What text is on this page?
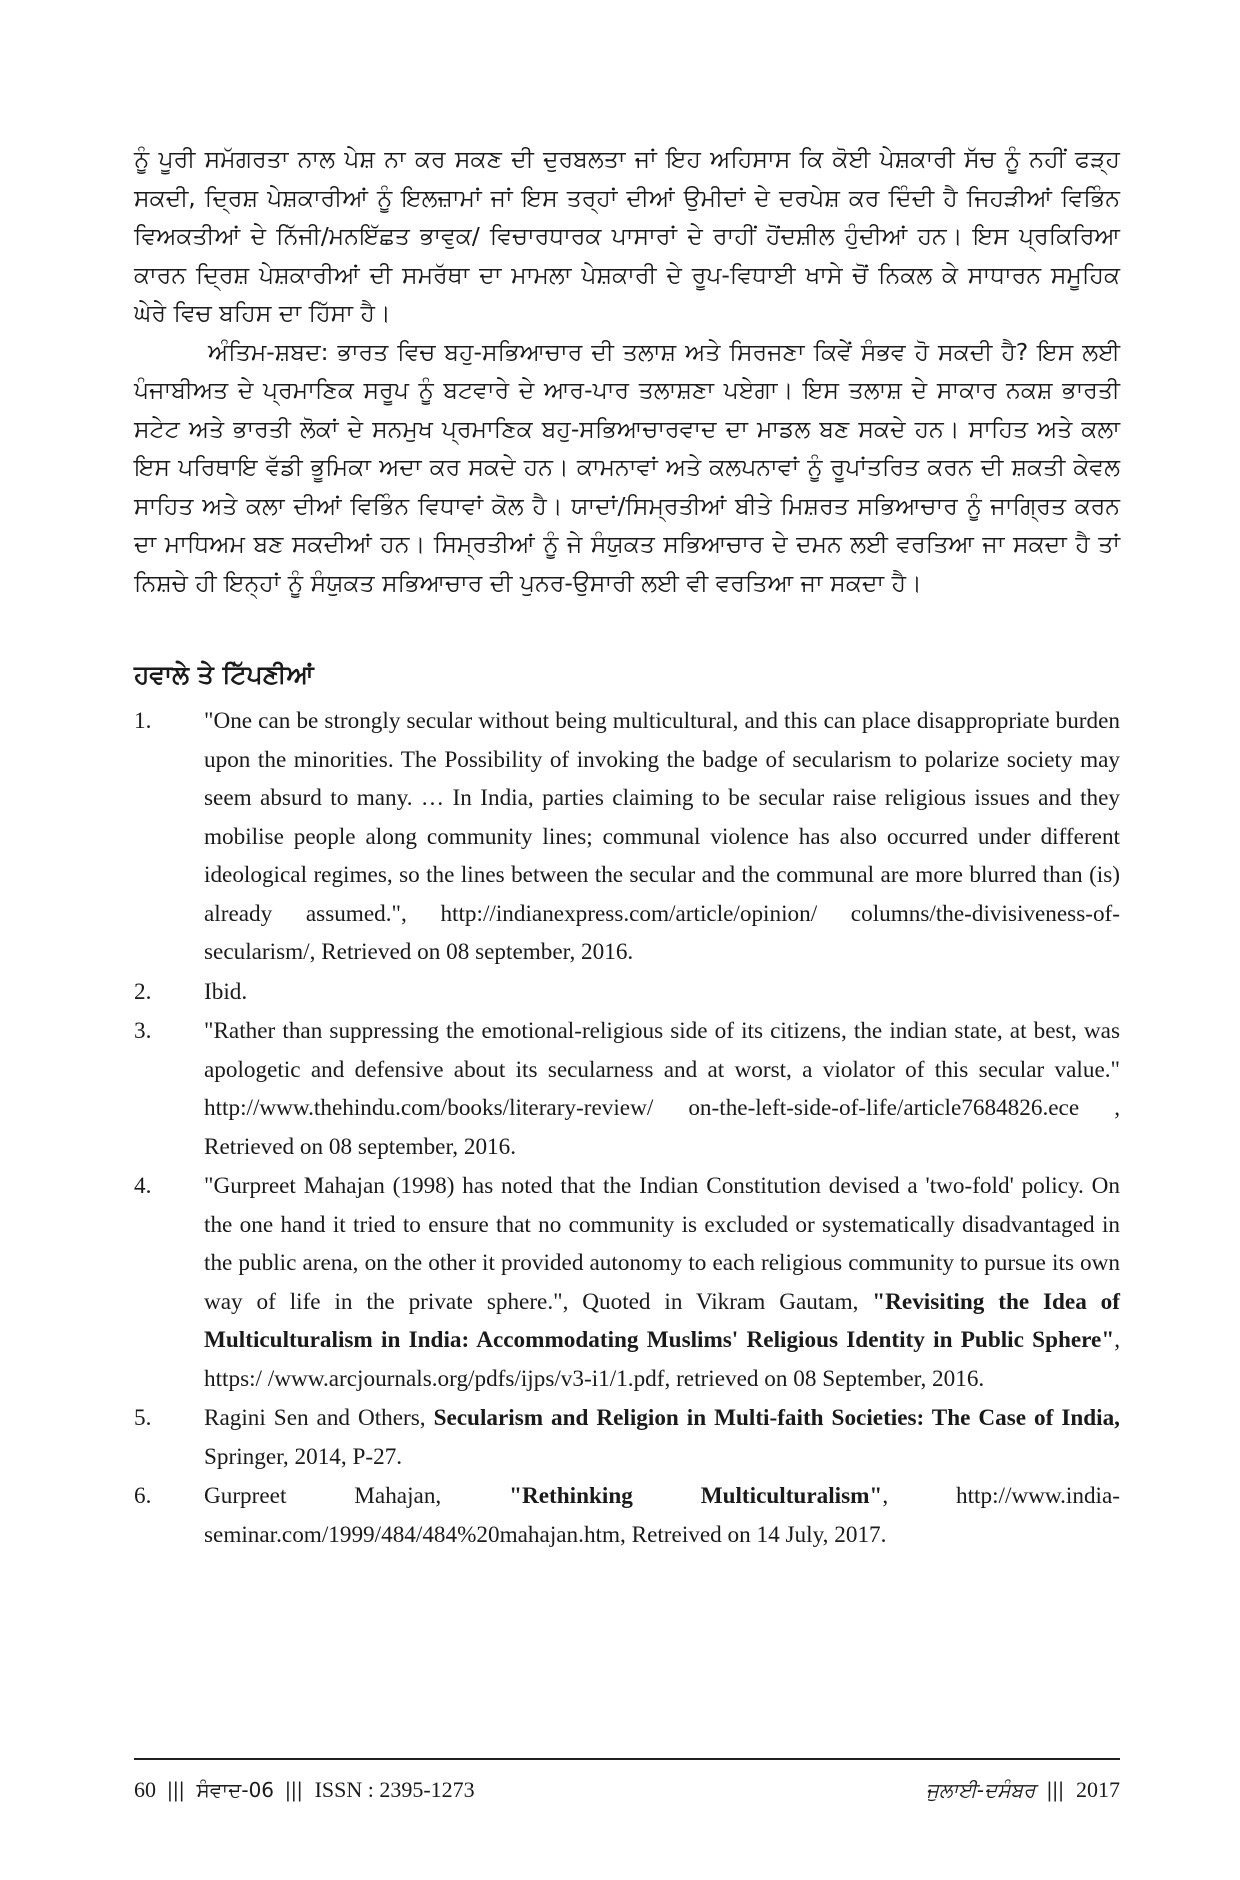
ਨੂੰ ਪੂਰੀ ਸਮੱਗਰਤਾ ਨਾਲ ਪੇਸ਼ ਨਾ ਕਰ ਸਕਣ ਦੀ ਦੁਰਬਲਤਾ ਜਾਂ ਇਹ ਅਹਿਸਾਸ ਕਿ ਕੋਈ ਪੇਸ਼ਕਾਰੀ ਸੱਚ ਨੂੰ ਨਹੀਂ ਫੜ੍ਹ ਸਕਦੀ, ਦ੍ਰਿਸ਼ ਪੇਸ਼ਕਾਰੀਆਂ ਨੂੰ ਇਲਜ਼ਾਮਾਂ ਜਾਂ ਇਸ ਤਰ੍ਹਾਂ ਦੀਆਂ ਉਮੀਦਾਂ ਦੇ ਦਰਪੇਸ਼ ਕਰ ਦਿੰਦੀ ਹੈ ਜਿਹੜੀਆਂ ਵਿਭਿੰਨ ਵਿਅਕਤੀਆਂ ਦੇ ਨਿੱਜੀ/ਮਨਇੱਛਤ ਭਾਵੁਕ/ ਵਿਚਾਰਧਾਰਕ ਪਾਸਾਰਾਂ ਦੇ ਰਾਹੀਂ ਹੋਂਦਸ਼ੀਲ ਹੁੰਦੀਆਂ ਹਨ। ਇਸ ਪ੍ਰਕਿਰਿਆ ਕਾਰਨ ਦ੍ਰਿਸ਼ ਪੇਸ਼ਕਾਰੀਆਂ ਦੀ ਸਮਰੱਥਾ ਦਾ ਮਾਮਲਾ ਪੇਸ਼ਕਾਰੀ ਦੇ ਰੂਪ-ਵਿਧਾਈ ਖਾਸੇ ਚੋਂ ਨਿਕਲ ਕੇ ਸਾਧਾਰਨ ਸਮੂਹਿਕ ਘੇਰੇ ਵਿਚ ਬਹਿਸ ਦਾ ਹਿੱਸਾ ਹੈ।

ਅੰਤਿਮ-ਸ਼ਬਦ: ਭਾਰਤ ਵਿਚ ਬਹੁ-ਸਭਿਆਚਾਰ ਦੀ ਤਲਾਸ਼ ਅਤੇ ਸਿਰਜਣਾ ਕਿਵੇਂ ਸੰਭਵ ਹੋ ਸਕਦੀ ਹੈ? ਇਸ ਲਈ ਪੰਜਾਬੀਅਤ ਦੇ ਪ੍ਰਮਾਣਿਕ ਸਰੂਪ ਨੂੰ ਬਟਵਾਰੇ ਦੇ ਆਰ-ਪਾਰ ਤਲਾਸ਼ਣਾ ਪਏਗਾ। ਇਸ ਤਲਾਸ਼ ਦੇ ਸਾਕਾਰ ਨਕਸ਼ ਭਾਰਤੀ ਸਟੇਟ ਅਤੇ ਭਾਰਤੀ ਲੋਕਾਂ ਦੇ ਸਨਮੁਖ ਪ੍ਰਮਾਣਿਕ ਬਹੁ-ਸਭਿਆਚਾਰਵਾਦ ਦਾ ਮਾਡਲ ਬਣ ਸਕਦੇ ਹਨ। ਸਾਹਿਤ ਅਤੇ ਕਲਾ ਇਸ ਪਰਿਥਾਇ ਵੱਡੀ ਭੂਮਿਕਾ ਅਦਾ ਕਰ ਸਕਦੇ ਹਨ। ਕਾਮਨਾਵਾਂ ਅਤੇ ਕਲਪਨਾਵਾਂ ਨੂੰ ਰੂਪਾਂਤਰਿਤ ਕਰਨ ਦੀ ਸ਼ਕਤੀ ਕੇਵਲ ਸਾਹਿਤ ਅਤੇ ਕਲਾ ਦੀਆਂ ਵਿਭਿੰਨ ਵਿਧਾਵਾਂ ਕੋਲ ਹੈ। ਯਾਦਾਂ/ਸਿਮ੍ਰਤੀਆਂ ਬੀਤੇ ਮਿਸ਼ਰਤ ਸਭਿਆਚਾਰ ਨੂੰ ਜਾਗ੍ਰਿਤ ਕਰਨ ਦਾ ਮਾਧਿਅਮ ਬਣ ਸਕਦੀਆਂ ਹਨ। ਸਿਮ੍ਰਤੀਆਂ ਨੂੰ ਜੇ ਸੰਯੁਕਤ ਸਭਿਆਚਾਰ ਦੇ ਦਮਨ ਲਈ ਵਰਤਿਆ ਜਾ ਸਕਦਾ ਹੈ ਤਾਂ ਨਿਸ਼ਚੇ ਹੀ ਇਨ੍ਹਾਂ ਨੂੰ ਸੰਯੁਕਤ ਸਭਿਆਚਾਰ ਦੀ ਪੁਨਰ-ਉਸਾਰੀ ਲਈ ਵੀ ਵਰਤਿਆ ਜਾ ਸਕਦਾ ਹੈ।

ਹਵਾਲੇ ਤੇ ਟਿੱਪਣੀਆਂ
1. "One can be strongly secular without being multicultural, and this can place disappropriate burden upon the minorities. The Possibility of invoking the badge of secularism to polarize society may seem absurd to many. … In India, parties claiming to be secular raise religious issues and they mobilise people along community lines; communal violence has also occurred under different ideological regimes, so the lines between the secular and the communal are more blurred than (is) already assumed.", http://indianexpress.com/article/opinion/ columns/the-divisiveness-of-secularism/, Retrieved on 08 september, 2016.
2. Ibid.
3. "Rather than suppressing the emotional-religious side of its citizens, the indian state, at best, was apologetic and defensive about its secularness and at worst, a violator of this secular value." http://www.thehindu.com/books/literary-review/ on-the-left-side-of-life/article7684826.ece , Retrieved on 08 september, 2016.
4. "Gurpreet Mahajan (1998) has noted that the Indian Constitution devised a 'two-fold' policy. On the one hand it tried to ensure that no community is excluded or systematically disadvantaged in the public arena, on the other it provided autonomy to each religious community to pursue its own way of life in the private sphere.", Quoted in Vikram Gautam, "Revisiting the Idea of Multiculturalism in India: Accommodating Muslims' Religious Identity in Public Sphere", https:/ /www.arcjournals.org/pdfs/ijps/v3-i1/1.pdf, retrieved on 08 September, 2016.
5. Ragini Sen and Others, Secularism and Religion in Multi-faith Societies: The Case of India, Springer, 2014, P-27.
6. Gurpreet Mahajan, "Rethinking Multiculturalism", http://www.india-seminar.com/1999/484/484%20mahajan.htm, Retreived on 14 July, 2017.
60 ||| ਸੰਵਾਦ-06 ||| ISSN : 2395-1273	ਜੁਲਾਈ-ਦਸੰਬਰ ||| 2017
